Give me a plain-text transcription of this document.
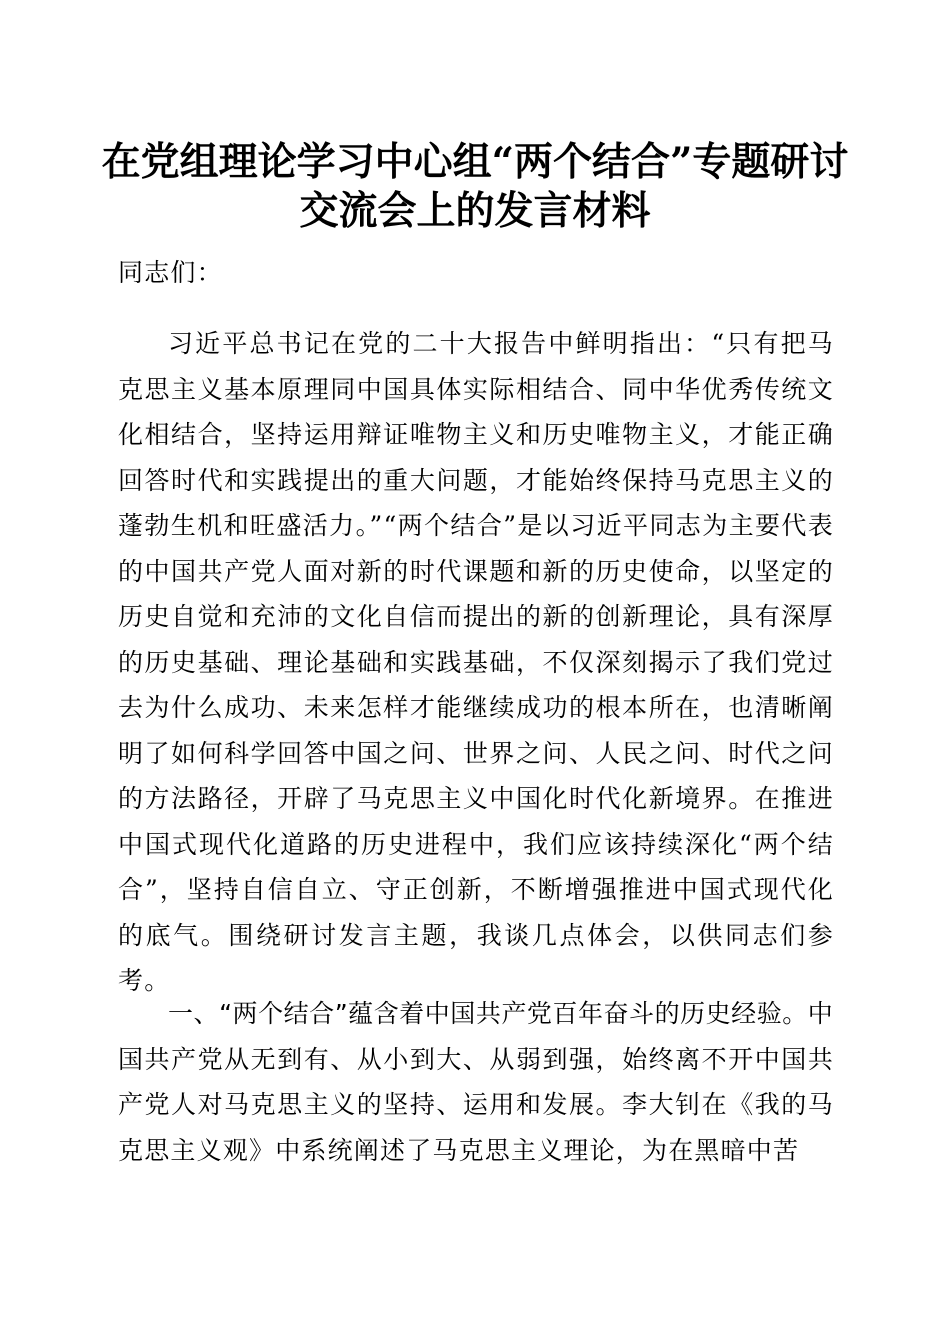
在党组理论学习中心组“两个结合”专题研讨
交流会上的发言材料
同志们：

习近平总书记在党的二十大报告中鲜明指出：“只有把马克思主义基本原理同中国具体实际相结合、同中华优秀传统文化相结合，坚持运用辩证唯物主义和历史唯物主义，才能正确回答时代和实践提出的重大问题，才能始终保持马克思主义的蓬勃生机和旺盛活力。”“两个结合”是以习近平同志为主要代表的中国共产党人面对新的时代课题和新的历史使命，以坚定的历史自觉和充沛的文化自信而提出的新的创新理论，具有深厚的历史基础、理论基础和实践基础，不仅深刻揭示了我们党过去为什么成功、未来怎样才能继续成功的根本所在，也清晰阐明了如何科学回答中国之问、世界之问、人民之问、时代之问的方法路径，开辟了马克思主义中国化时代化新境界。在推进中国式现代化道路的历史进程中，我们应该持续深化“两个结合”，坚持自信自立、守正创新，不断增强推进中国式现代化的底气。围绕研讨发言主题，我谈几点体会，以供同志们参考。

一、“两个结合”蕴含着中国共产党百年奋斗的历史经验。中国共产党从无到有、从小到大、从弱到强，始终离不开中国共产党人对马克思主义的坚持、运用和发展。李大钊在《我的马克思主义观》中系统阐述了马克思主义理论，为在黑暗中苦
